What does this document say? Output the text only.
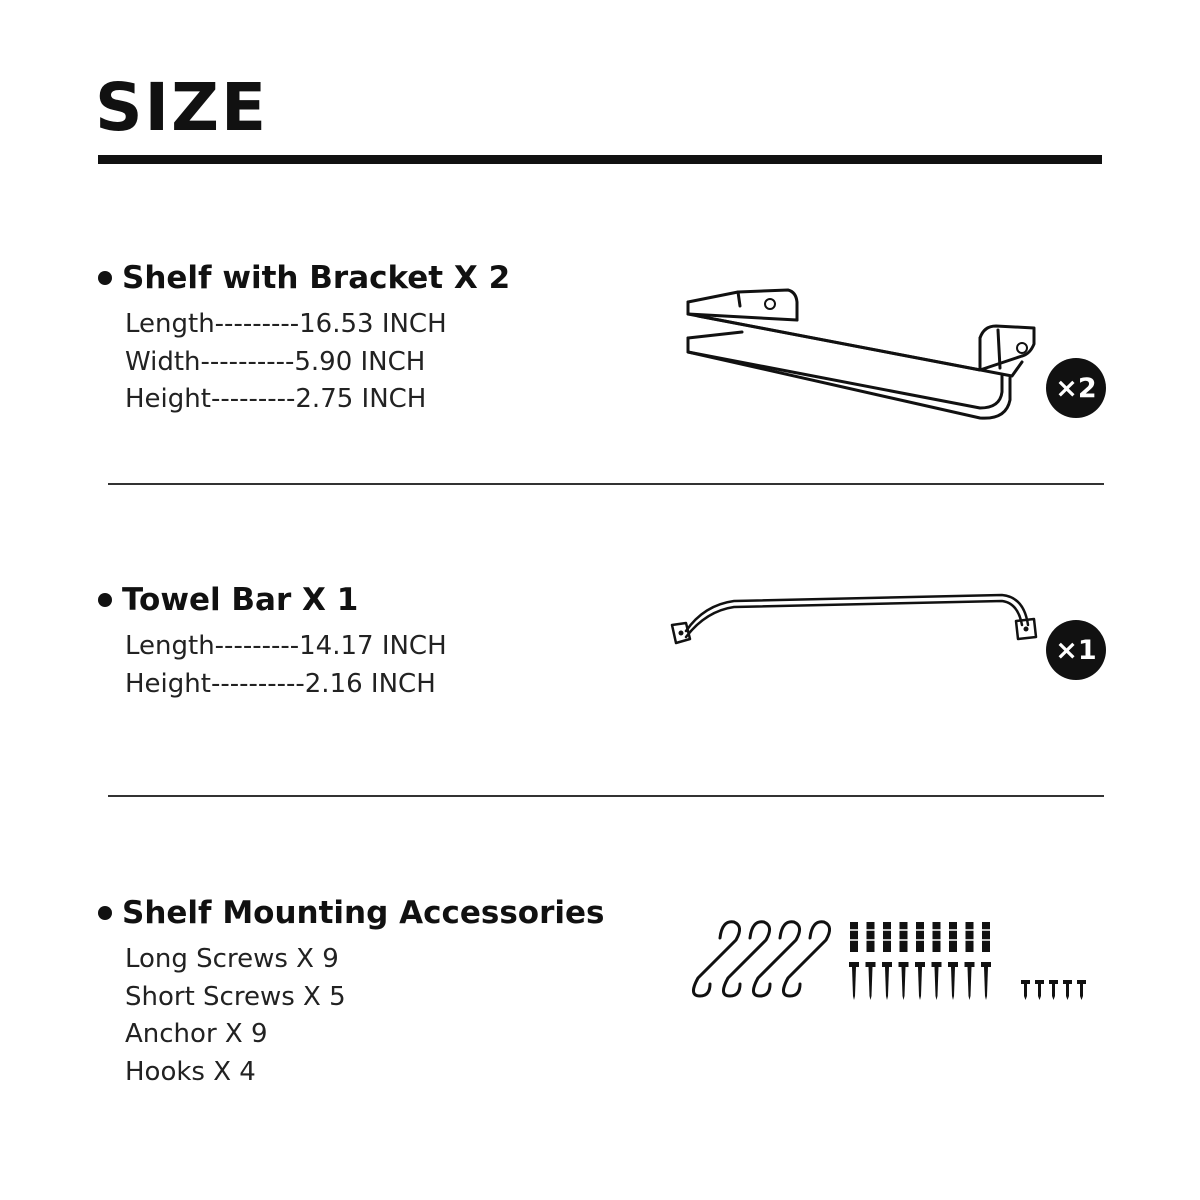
SIZE
Shelf with Bracket X 2
Length---------16.53 INCH
Width----------5.90 INCH
Height---------2.75 INCH	×2
Towel Bar X 1
Length---------14.17 INCH
Height----------2.16 INCH
×1
Shelf Mounting Accessories
Long Screws X 9
Short Screws X 5
Anchor X 9
Hooks X 4
